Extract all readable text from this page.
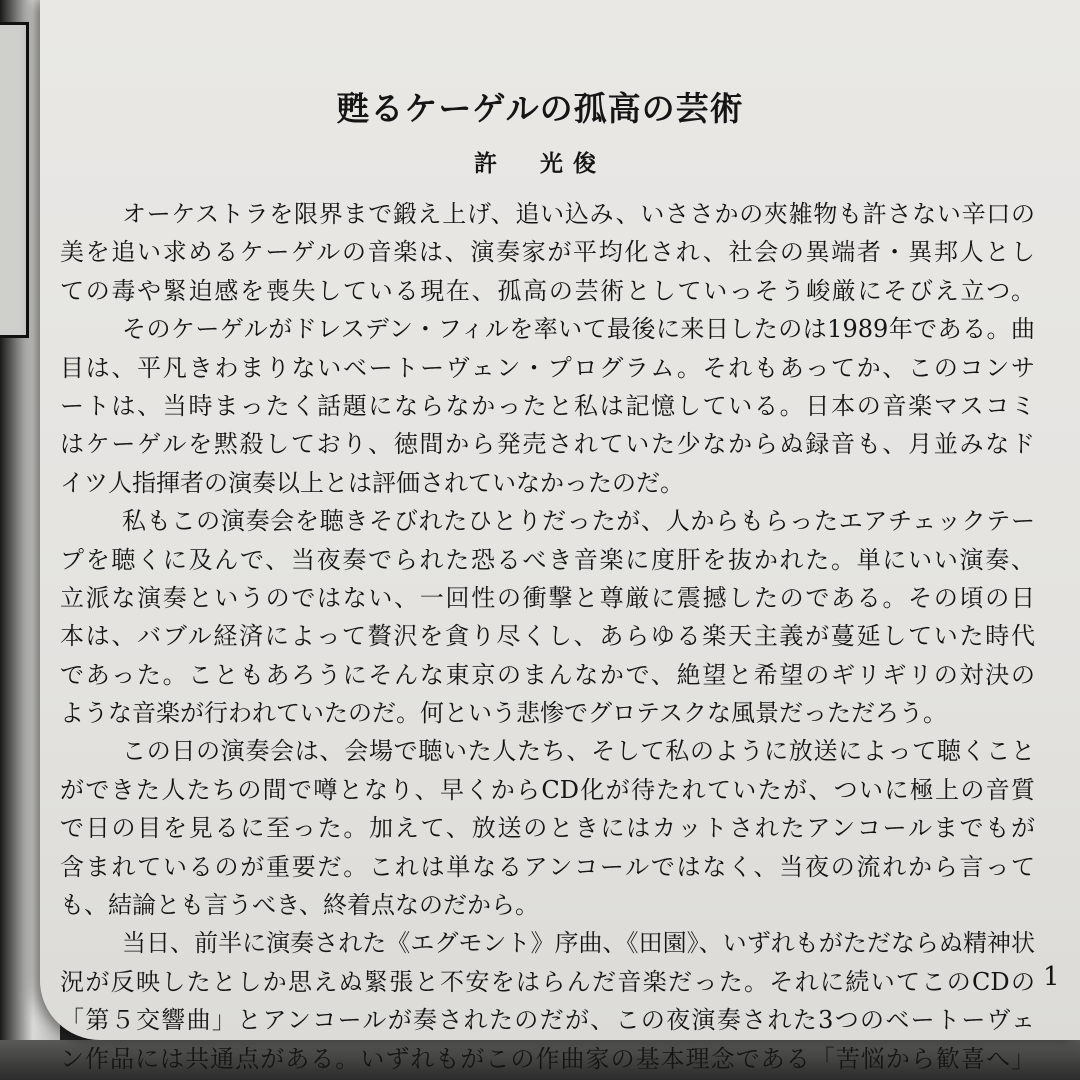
甦るケーゲルの孤高の芸術
許　光俊
オーケストラを限界まで鍛え上げ、追い込み、いささかの夾雑物も許さない辛口の
美を追い求めるケーゲルの音楽は、演奏家が平均化され、社会の異端者・異邦人とし
ての毒や緊迫感を喪失している現在、孤高の芸術としていっそう峻厳にそびえ立つ。
そのケーゲルがドレスデン・フィルを率いて最後に来日したのは1989年である。曲
目は、平凡きわまりないベートーヴェン・プログラム。それもあってか、このコンサ
ートは、当時まったく話題にならなかったと私は記憶している。日本の音楽マスコミ
はケーゲルを黙殺しており、徳間から発売されていた少なからぬ録音も、月並みなド
イツ人指揮者の演奏以上とは評価されていなかったのだ。
私もこの演奏会を聴きそびれたひとりだったが、人からもらったエアチェックテー
プを聴くに及んで、当夜奏でられた恐るべき音楽に度肝を抜かれた。単にいい演奏、
立派な演奏というのではない、一回性の衝撃と尊厳に震撼したのである。その頃の日
本は、バブル経済によって贅沢を貪り尽くし、あらゆる楽天主義が蔓延していた時代
であった。こともあろうにそんな東京のまんなかで、絶望と希望のギリギリの対決の
ような音楽が行われていたのだ。何という悲惨でグロテスクな風景だっただろう。
この日の演奏会は、会場で聴いた人たち、そして私のように放送によって聴くこと
ができた人たちの間で噂となり、早くからCD化が待たれていたが、ついに極上の音質
で日の目を見るに至った。加えて、放送のときにはカットされたアンコールまでもが
含まれているのが重要だ。これは単なるアンコールではなく、当夜の流れから言って
も、結論とも言うべき、終着点なのだから。
当日、前半に演奏された《エグモント》序曲、《田園》、いずれもがただならぬ精神状
況が反映したとしか思えぬ緊張と不安をはらんだ音楽だった。それに続いてこのCDの
「第５交響曲」とアンコールが奏されたのだが、この夜演奏された3つのベートーヴェ
ン作品には共通点がある。いずれもがこの作曲家の基本理念である「苦悩から歓喜へ」
1
